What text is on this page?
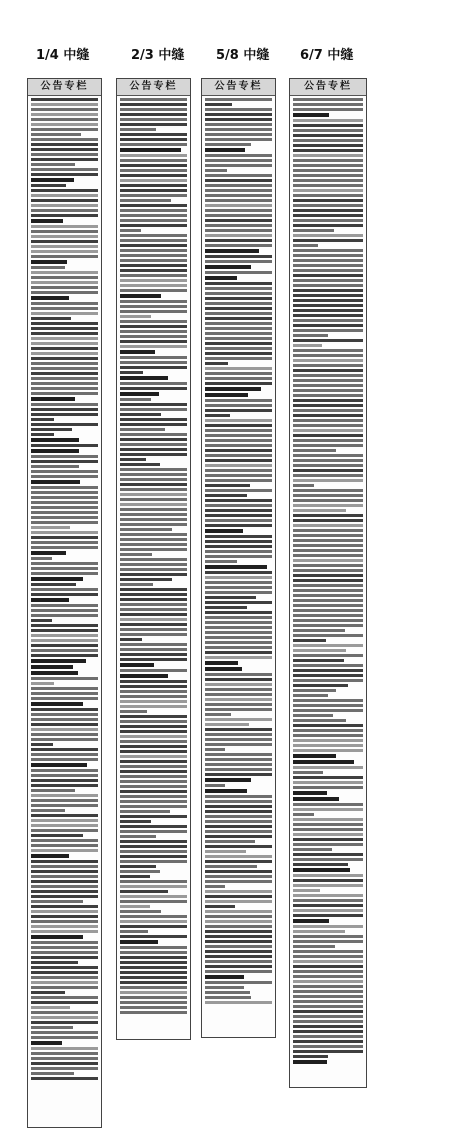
1/4 中缝	2/3 中缝 5/8 中缝 6/7 中缝
公告专栏	公告专栏	公告专栏	公告专栏
